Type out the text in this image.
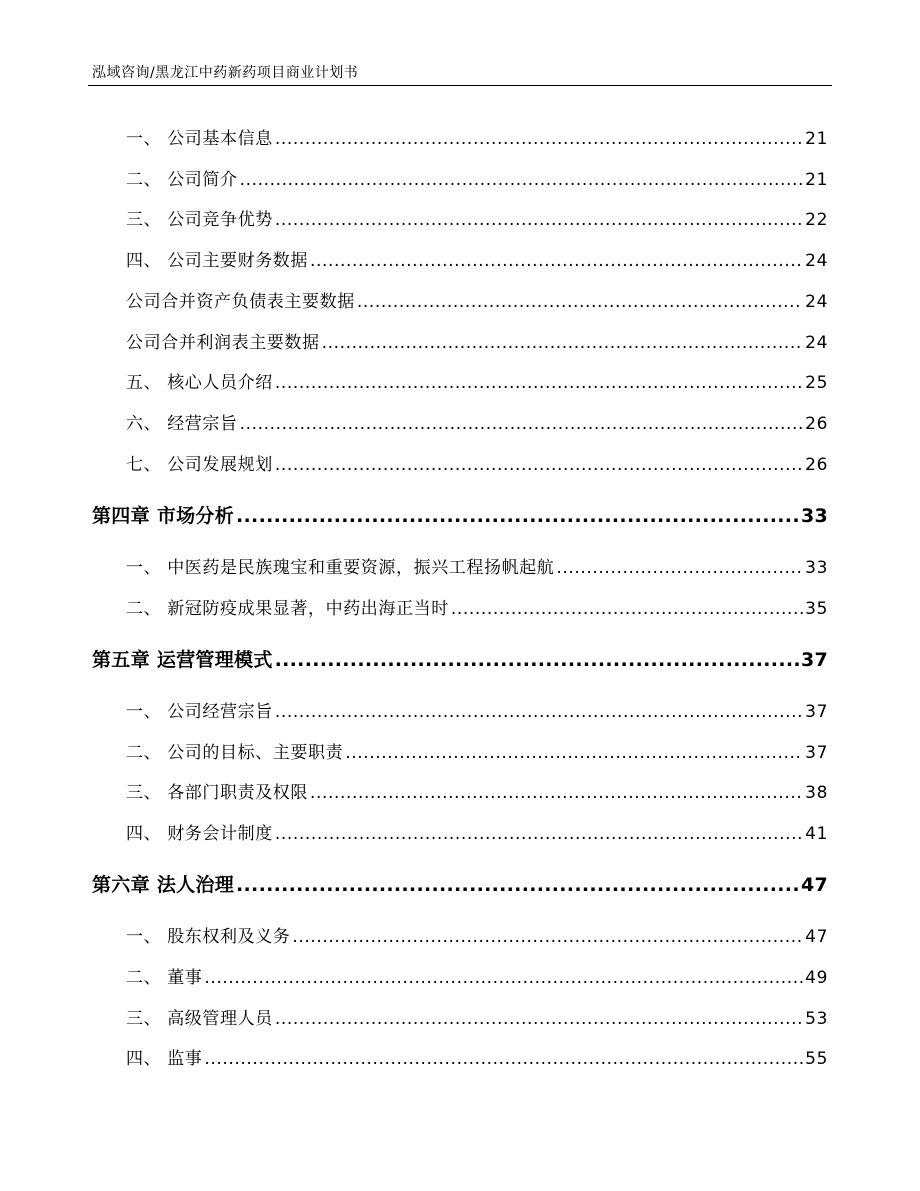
泓域咨询/黑龙江中药新药项目商业计划书
一、 公司基本信息 .....	21
二、 公司简介 .....	21
三、 公司竞争优势 .....	22
四、 公司主要财务数据 .....	24
公司合并资产负债表主要数据 .....	24
公司合并利润表主要数据 .....	24
五、 核心人员介绍 .....	25
六、 经营宗旨 .....	26
七、 公司发展规划 .....	26
第四章 市场分析 .....	33
一、 中医药是民族瑰宝和重要资源，振兴工程扬帆起航 .....	33
二、 新冠防疫成果显著，中药出海正当时 .....	35
第五章 运营管理模式 .....	37
一、 公司经营宗旨 .....	37
二、 公司的目标、主要职责 .....	37
三、 各部门职责及权限 .....	38
四、 财务会计制度 .....	41
第六章 法人治理 .....	47
一、 股东权利及义务 .....	47
二、 董事 .....	49
三、 高级管理人员 .....	53
四、 监事 .....	55
